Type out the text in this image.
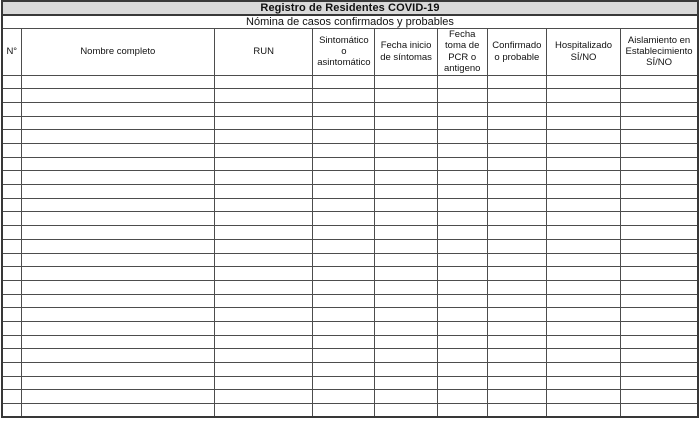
Registro de Residentes COVID-19								
Nómina de casos confirmados y probables								
N°	Nombre completo	RUN	Sintomático o asintomático	Fecha inicio de síntomas	Fecha toma de PCR o antigeno	Confirmado o probable	Hospitalizado SÍ/NO	Aislamiento en Establecimiento SÍ/NO
